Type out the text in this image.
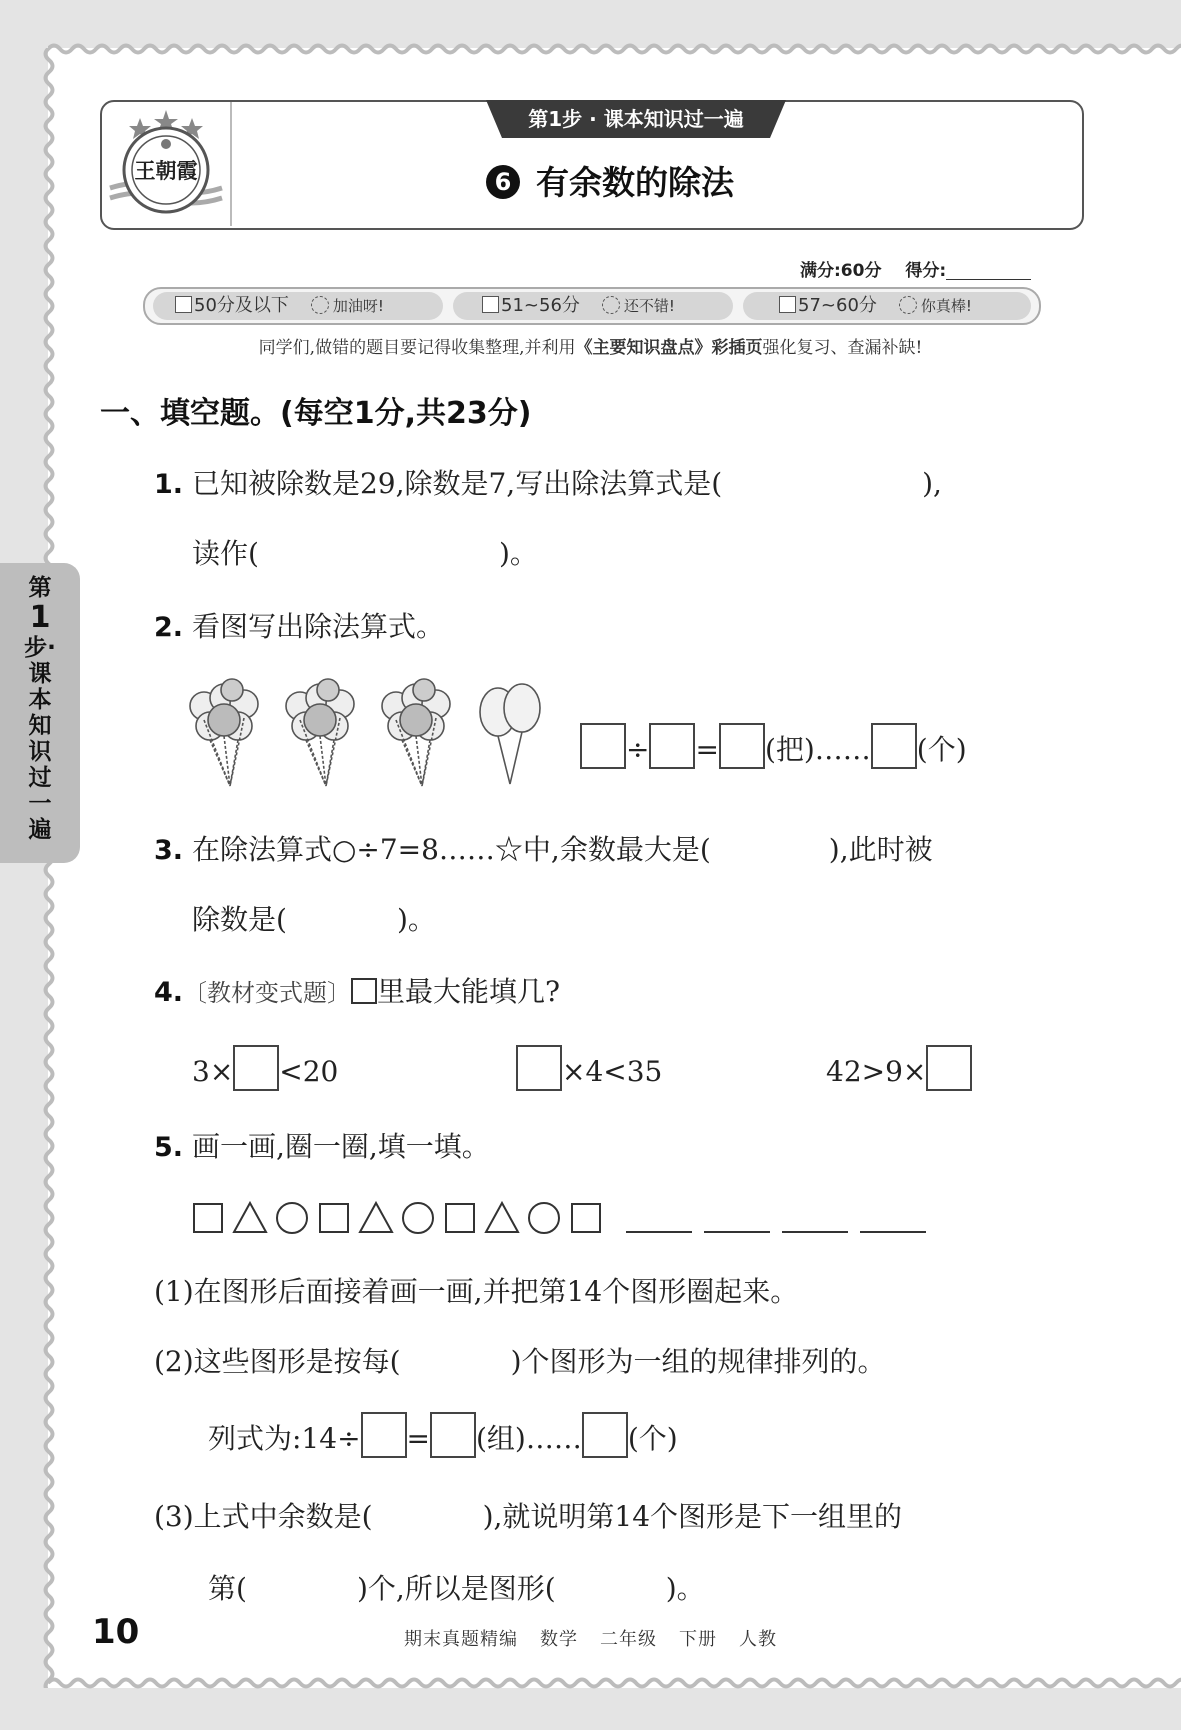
王朝霞
第1步 · 课本知识过一遍
6 有余数的除法
满分:60分 得分:
50分及以下	加油呀!	51~56分	还不错!	57~60分	你真棒!
同学们,做错的题目要记得收集整理,并利用《主要知识盘点》彩插页强化复习、查漏补缺!
一、填空题。(每空1分,共23分)
1. 已知被除数是29,除数是7,写出除法算式是(	),
读作(	)。
2. 看图写出除法算式。
÷ = (把)…… (个)
3. 在除法算式○÷7=8……☆中,余数最大是(	),此时被
除数是(	)。
4.〔教材变式题〕 里最大能填几?
3× <20	×4<35	42>9×
5. 画一画,圈一圈,填一填。
(1)在图形后面接着画一画,并把第14个图形圈起来。
(2)这些图形是按每(	)个图形为一组的规律排列的。
列式为:14÷ = (组)…… (个)
(3)上式中余数是(	),就说明第14个图形是下一组里的
第(	)个,所以是图形(	)。
第
1
步·课本知识过一遍
10	期末真题精编 数学 二年级 下册 人教
